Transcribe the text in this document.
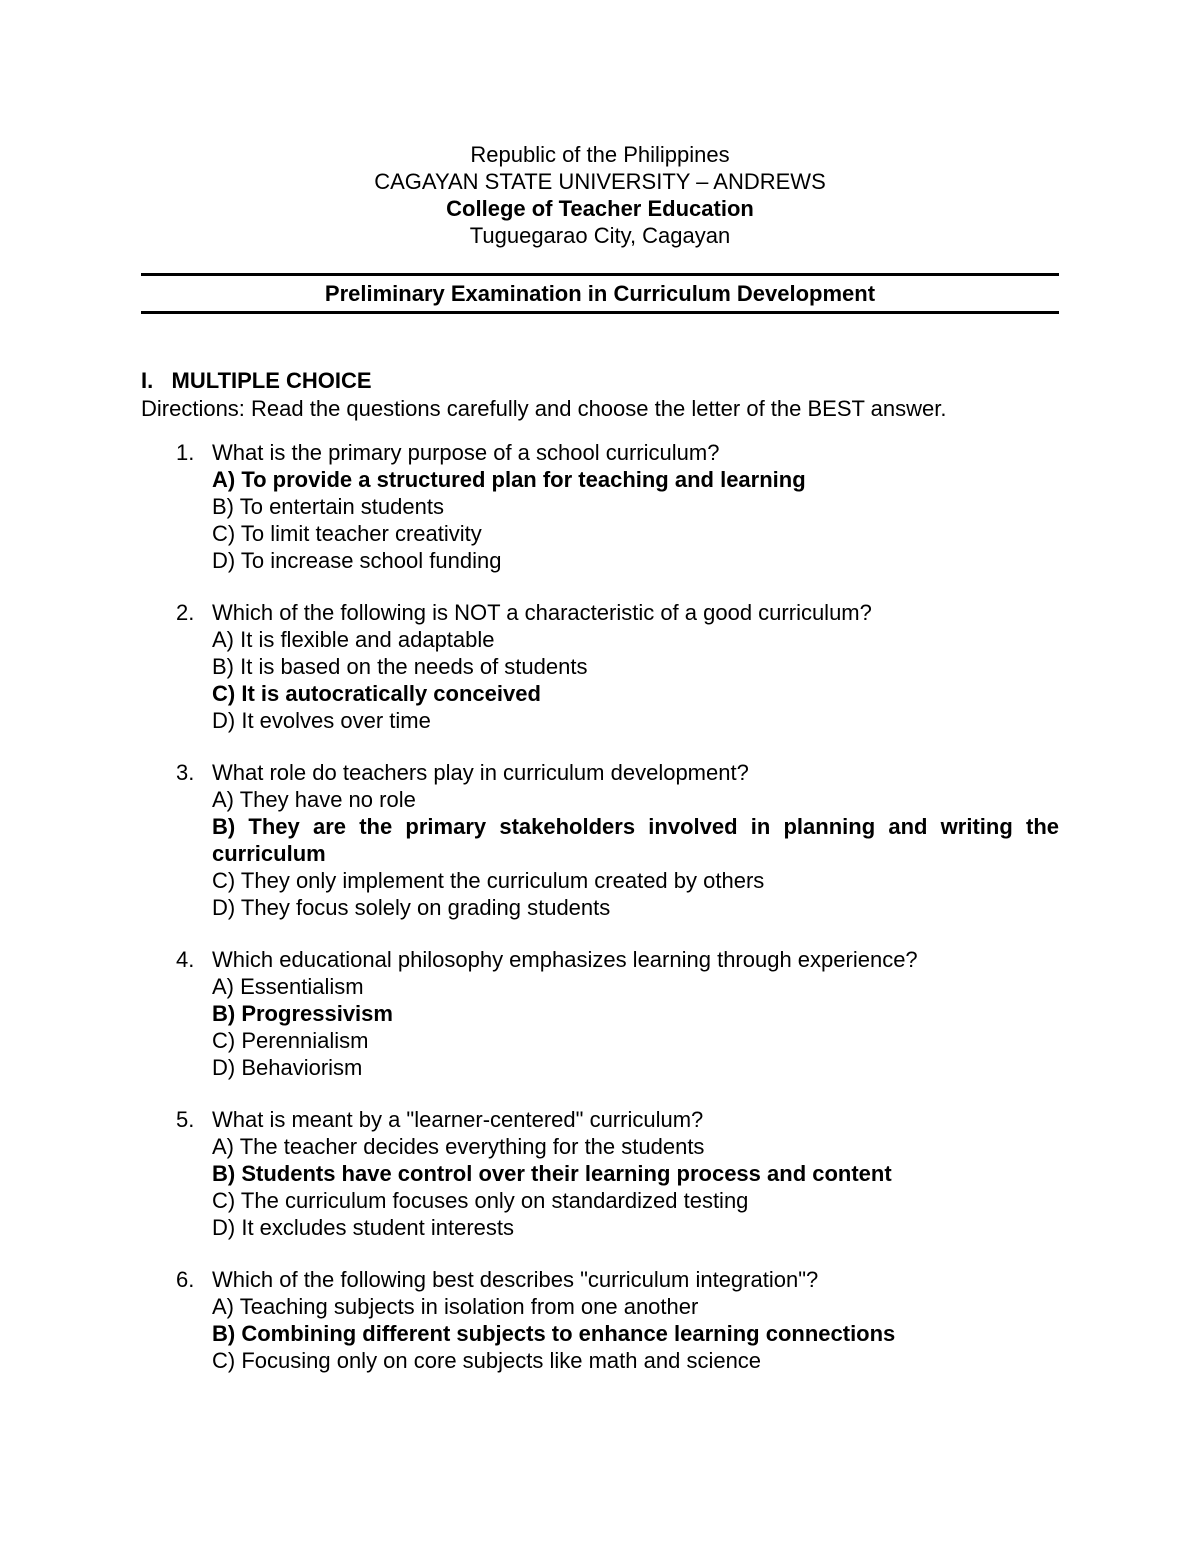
Republic of the Philippines
CAGAYAN STATE UNIVERSITY – ANDREWS
College of Teacher Education
Tuguegarao City, Cagayan
Preliminary Examination in Curriculum Development
I.   MULTIPLE CHOICE
Directions: Read the questions carefully and choose the letter of the BEST answer.
1. What is the primary purpose of a school curriculum?
A) To provide a structured plan for teaching and learning
B) To entertain students
C) To limit teacher creativity
D) To increase school funding
2. Which of the following is NOT a characteristic of a good curriculum?
A) It is flexible and adaptable
B) It is based on the needs of students
C) It is autocratically conceived
D) It evolves over time
3. What role do teachers play in curriculum development?
A) They have no role
B) They are the primary stakeholders involved in planning and writing the curriculum
C) They only implement the curriculum created by others
D) They focus solely on grading students
4. Which educational philosophy emphasizes learning through experience?
A) Essentialism
B) Progressivism
C) Perennialism
D) Behaviorism
5. What is meant by a "learner-centered" curriculum?
A) The teacher decides everything for the students
B) Students have control over their learning process and content
C) The curriculum focuses only on standardized testing
D) It excludes student interests
6. Which of the following best describes "curriculum integration"?
A) Teaching subjects in isolation from one another
B) Combining different subjects to enhance learning connections
C) Focusing only on core subjects like math and science
